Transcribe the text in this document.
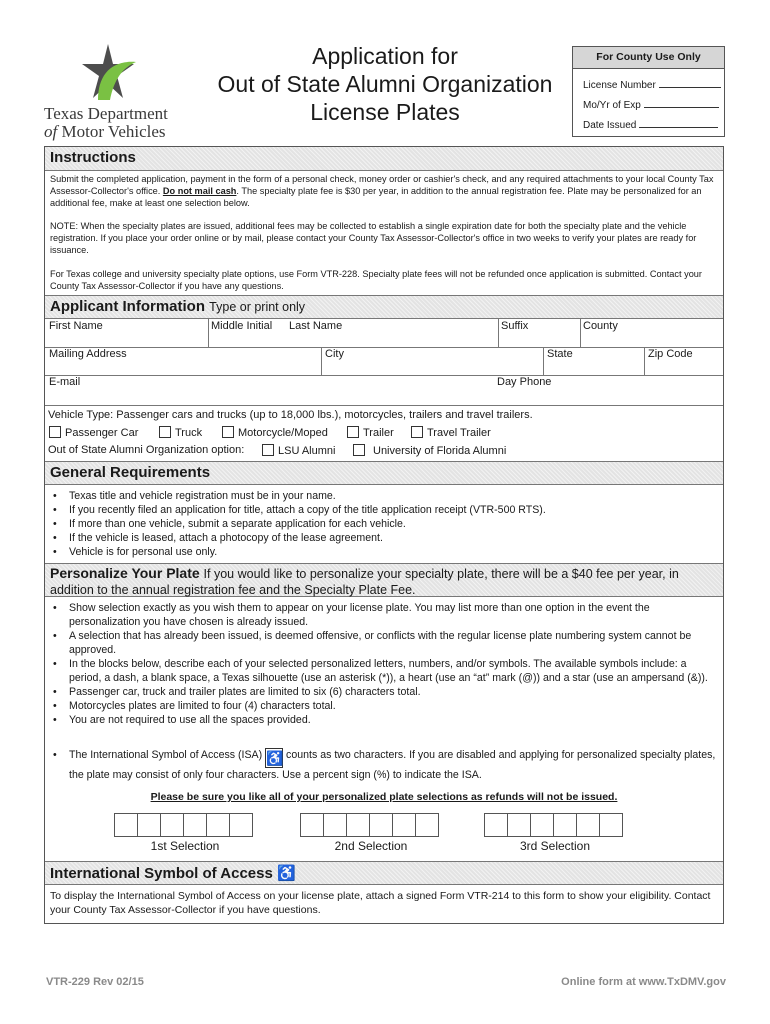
Texas Department
of Motor Vehicles
Application for
Out of State Alumni Organization
License Plates
For County Use Only
License Number
Mo/Yr of Exp
Date Issued
Instructions
Submit the completed application, payment in the form of a personal check, money order or cashier's check, and any required attachments to your local County Tax Assessor-Collector's office. Do not mail cash. The specialty plate fee is $30 per year, in addition to the annual registration fee. Plate may be personalized for an additional fee, make at least one selection below.
NOTE: When the specialty plates are issued, additional fees may be collected to establish a single expiration date for both the specialty plate and the vehicle registration. If you place your order online or by mail, please contact your County Tax Assessor-Collector's office in two weeks to verify your plates are ready for issuance.
For Texas college and university specialty plate options, use Form VTR-228. Specialty plate fees will not be refunded once application is submitted. Contact your County Tax Assessor-Collector if you have any questions.
Applicant Information Type or print only
First Name	Middle Initial Last Name	Suffix	County
Mailing Address	City	State	Zip Code
E-mail	Day Phone
Vehicle Type: Passenger cars and trucks (up to 18,000 lbs.), motorcycles, trailers and travel trailers.
Passenger Car	Truck	Motorcycle/Moped	Trailer	Travel Trailer
Out of State Alumni Organization option:	LSU Alumni	University of Florida Alumni
General Requirements
• Texas title and vehicle registration must be in your name.
• If you recently filed an application for title, attach a copy of the title application receipt (VTR-500 RTS).
• If more than one vehicle, submit a separate application for each vehicle.
• If the vehicle is leased, attach a photocopy of the lease agreement.
• Vehicle is for personal use only.
Personalize Your Plate If you would like to personalize your specialty plate, there will be a $40 fee per year, in
addition to the annual registration fee and the Specialty Plate Fee.
• Show selection exactly as you wish them to appear on your license plate. You may list more than one option in the event the personalization you have chosen is already issued.
• A selection that has already been issued, is deemed offensive, or conflicts with the regular license plate numbering system cannot be approved.
• In the blocks below, describe each of your selected personalized letters, numbers, and/or symbols. The available symbols include: a period, a dash, a blank space, a Texas silhouette (use an asterisk (*)), a heart (use an “at” mark (@)) and a star (use an ampersand (&)).
• Passenger car, truck and trailer plates are limited to six (6) characters total.
• Motorcycles plates are limited to four (4) characters total.
• You are not required to use all the spaces provided.
• The International Symbol of Access (ISA) ♿ counts as two characters. If you are disabled and applying for personalized specialty plates, the plate may consist of only four characters. Use a percent sign (%) to indicate the ISA.
Please be sure you like all of your personalized plate selections as refunds will not be issued.
1st Selection	2nd Selection	3rd Selection
International Symbol of Access ♿
To display the International Symbol of Access on your license plate, attach a signed Form VTR-214 to this form to show your eligibility. Contact your County Tax Assessor-Collector if you have questions.
VTR-229 Rev 02/15	Online form at www.TxDMV.gov
